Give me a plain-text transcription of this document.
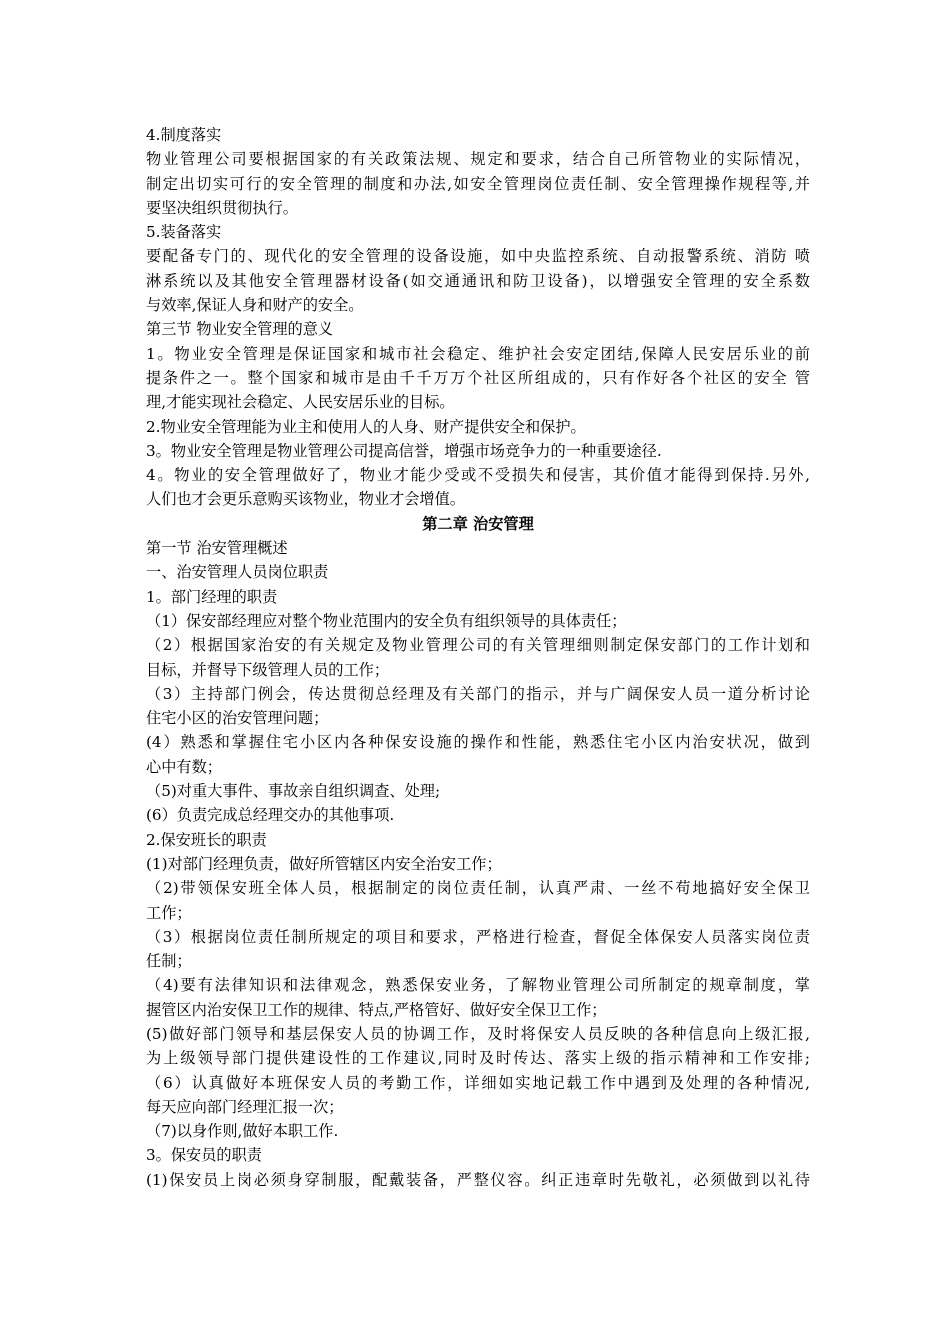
4.制度落实
物业管理公司要根据国家的有关政策法规、规定和要求，结合自己所管物业的实际情况，
制定出切实可行的安全管理的制度和办法,如安全管理岗位责任制、安全管理操作规程等,并
要坚决组织贯彻执行。
5.装备落实
要配备专门的、现代化的安全管理的设备设施，如中央监控系统、自动报警系统、消防 喷
淋系统以及其他安全管理器材设备(如交通通讯和防卫设备)，以增强安全管理的安全系数
与效率,保证人身和财产的安全。
第三节 物业安全管理的意义
1。物业安全管理是保证国家和城市社会稳定、维护社会安定团结,保障人民安居乐业的前
提条件之一。整个国家和城市是由千千万万个社区所组成的，只有作好各个社区的安全 管
理,才能实现社会稳定、人民安居乐业的目标。
2.物业安全管理能为业主和使用人的人身、财产提供安全和保护。
3。物业安全管理是物业管理公司提高信誉，增强市场竞争力的一种重要途径.
4。物业的安全管理做好了，物业才能少受或不受损失和侵害，其价值才能得到保持.另外,
人们也才会更乐意购买该物业，物业才会增值。
第二章 治安管理
第一节 治安管理概述
一、治安管理人员岗位职责
1。部门经理的职责
（1）保安部经理应对整个物业范围内的安全负有组织领导的具体责任；
（2）根据国家治安的有关规定及物业管理公司的有关管理细则制定保安部门的工作计划和
目标，并督导下级管理人员的工作；
（3）主持部门例会，传达贯彻总经理及有关部门的指示，并与广阔保安人员一道分析讨论
住宅小区的治安管理问题；
(4）熟悉和掌握住宅小区内各种保安设施的操作和性能，熟悉住宅小区内治安状况，做到
心中有数；
（5)对重大事件、事故亲自组织调查、处理;
(6）负责完成总经理交办的其他事项.
2.保安班长的职责
(1)对部门经理负责，做好所管辖区内安全治安工作；
（2)带领保安班全体人员，根据制定的岗位责任制，认真严肃、一丝不苟地搞好安全保卫
工作；
（3）根据岗位责任制所规定的项目和要求，严格进行检查，督促全体保安人员落实岗位责
任制；
（4)要有法律知识和法律观念，熟悉保安业务，了解物业管理公司所制定的规章制度，掌
握管区内治安保卫工作的规律、特点,严格管好、做好安全保卫工作；
(5)做好部门领导和基层保安人员的协调工作，及时将保安人员反映的各种信息向上级汇报,
为上级领导部门提供建设性的工作建议,同时及时传达、落实上级的指示精神和工作安排;
（6）认真做好本班保安人员的考勤工作，详细如实地记载工作中遇到及处理的各种情况,
每天应向部门经理汇报一次；
（7)以身作则,做好本职工作.
3。保安员的职责
(1)保安员上岗必须身穿制服，配戴装备，严整仪容。纠正违章时先敬礼，必须做到以礼待
